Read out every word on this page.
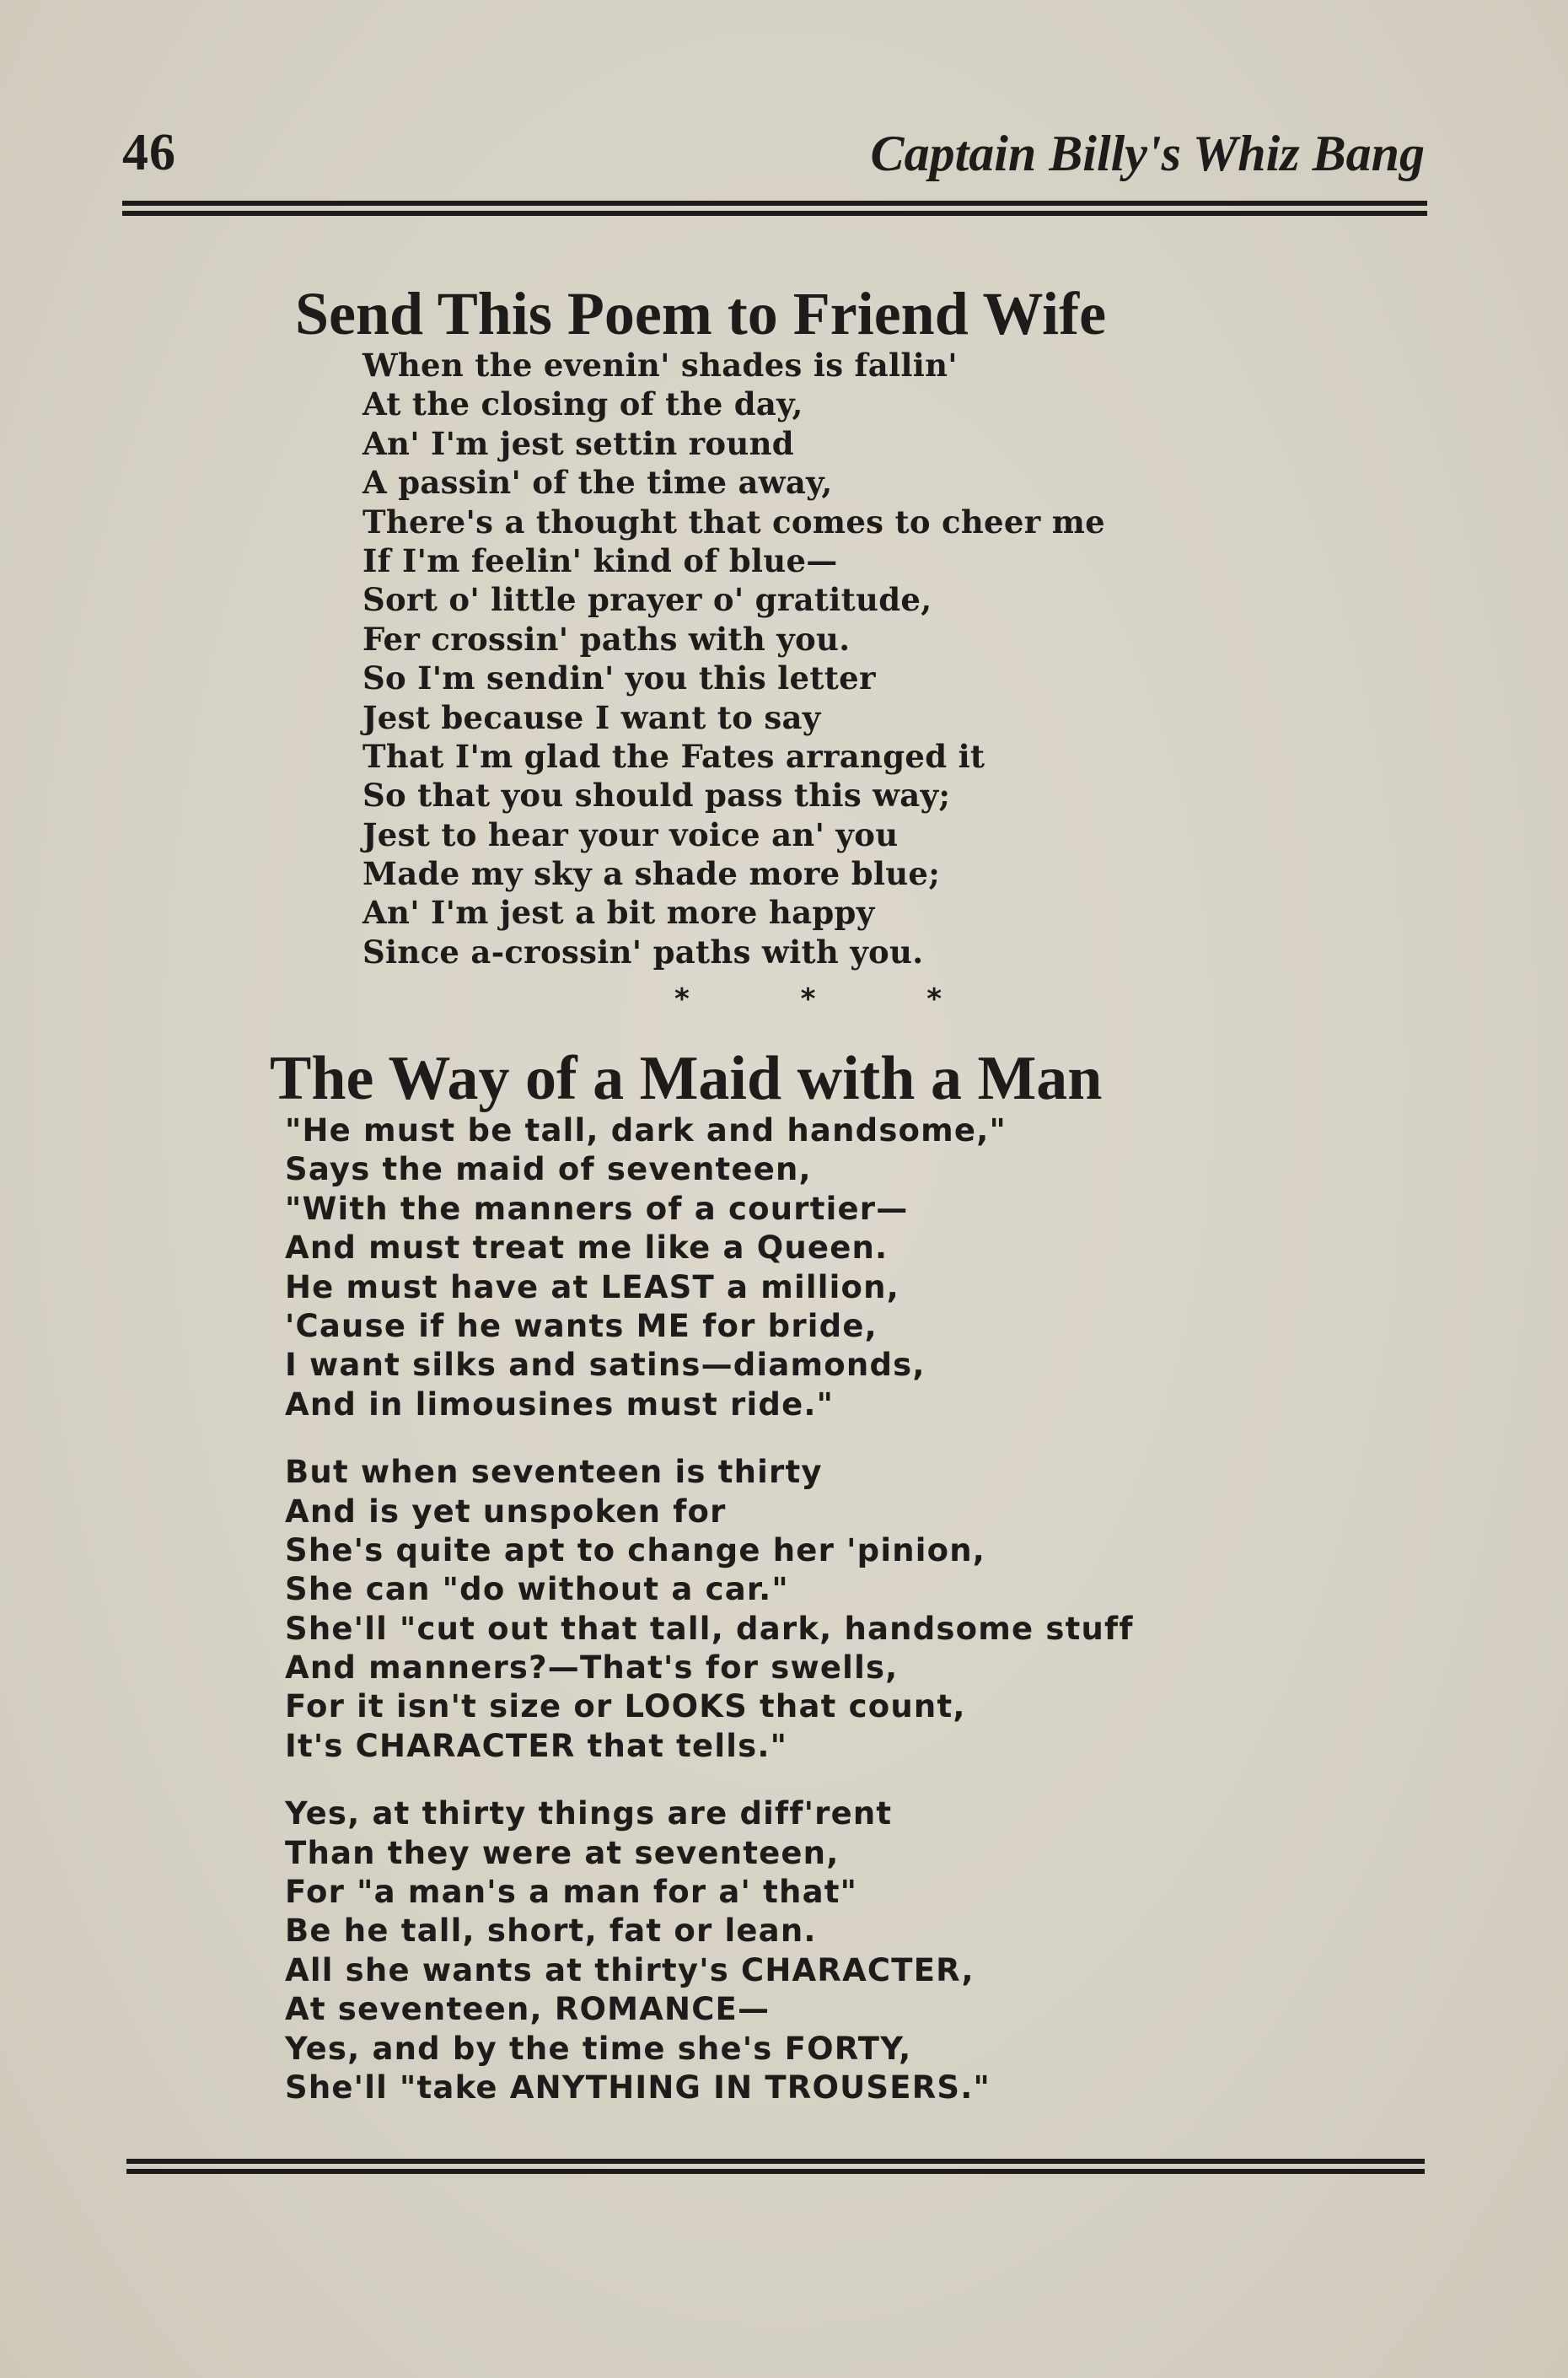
46	Captain Billy's Whiz Bang
Send This Poem to Friend Wife
When the evenin' shades is fallin'
At the closing of the day,
An' I'm jest settin round
A passin' of the time away,
There's a thought that comes to cheer me
If I'm feelin' kind of blue—
Sort o' little prayer o' gratitude,
Fer crossin' paths with you.
So I'm sendin' you this letter
Jest because I want to say
That I'm glad the Fates arranged it
So that you should pass this way;
Jest to hear your voice an' you
Made my sky a shade more blue;
An' I'm jest a bit more happy
Since a-crossin' paths with you.
* * *
The Way of a Maid with a Man
"He must be tall, dark and handsome,"
Says the maid of seventeen,
"With the manners of a courtier—
And must treat me like a Queen.
He must have at LEAST a million,
'Cause if he wants ME for bride,
I want silks and satins—diamonds,
And in limousines must ride."
But when seventeen is thirty
And is yet unspoken for
She's quite apt to change her 'pinion,
She can "do without a car."
She'll "cut out that tall, dark, handsome stuff
And manners?—That's for swells,
For it isn't size or LOOKS that count,
It's CHARACTER that tells."
Yes, at thirty things are diff'rent
Than they were at seventeen,
For "a man's a man for a' that"
Be he tall, short, fat or lean.
All she wants at thirty's CHARACTER,
At seventeen, ROMANCE—
Yes, and by the time she's FORTY,
She'll "take ANYTHING IN TROUSERS."
